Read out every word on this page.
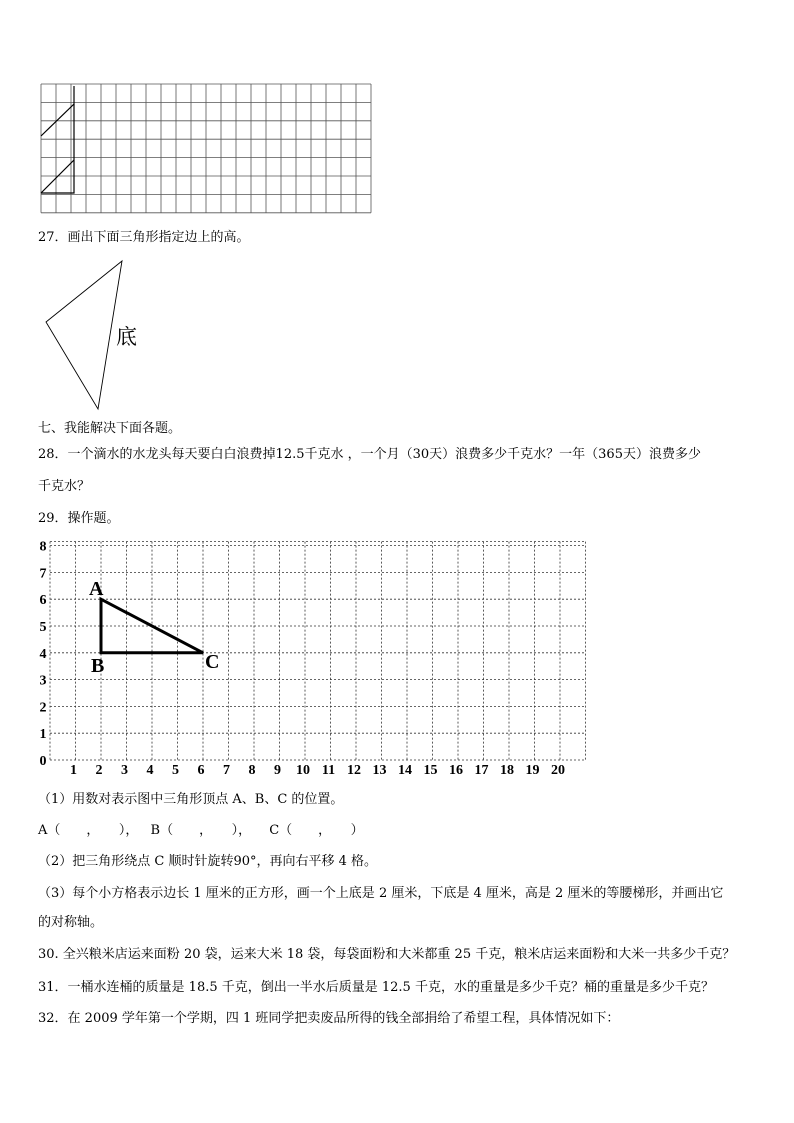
27．画出下面三角形指定边上的高。
底
七、我能解决下面各题。
28．一个滴水的水龙头每天要白白浪费掉12.5千克水 ，一个月（30天）浪费多少千克水？一年（365天）浪费多少
千克水？
29．操作题。
0
1
2
3
4
5
6
7
8
1 2 3 4 5 6 7 8 9 10 11 12 13 14 15 16 17 18 19 20
A
B	C
（1）用数对表示图中三角形顶点 A、B、C 的位置。
A（　　，　　）， B（　　，　　）， C（　　，　　）
（2）把三角形绕点 C 顺时针旋转90°，再向右平移 4 格。
（3）每个小方格表示边长 1 厘米的正方形，画一个上底是 2 厘米，下底是 4 厘米，高是 2 厘米的等腰梯形，并画出它
的对称轴。
30. 全兴粮米店运来面粉 20 袋，运来大米 18 袋，每袋面粉和大米都重 25 千克，粮米店运来面粉和大米一共多少千克？
31．一桶水连桶的质量是 18.5 千克，倒出一半水后质量是 12.5 千克，水的重量是多少千克？桶的重量是多少千克？
32．在 2009 学年第一个学期，四 1 班同学把卖废品所得的钱全部捐给了希望工程，具体情况如下：
